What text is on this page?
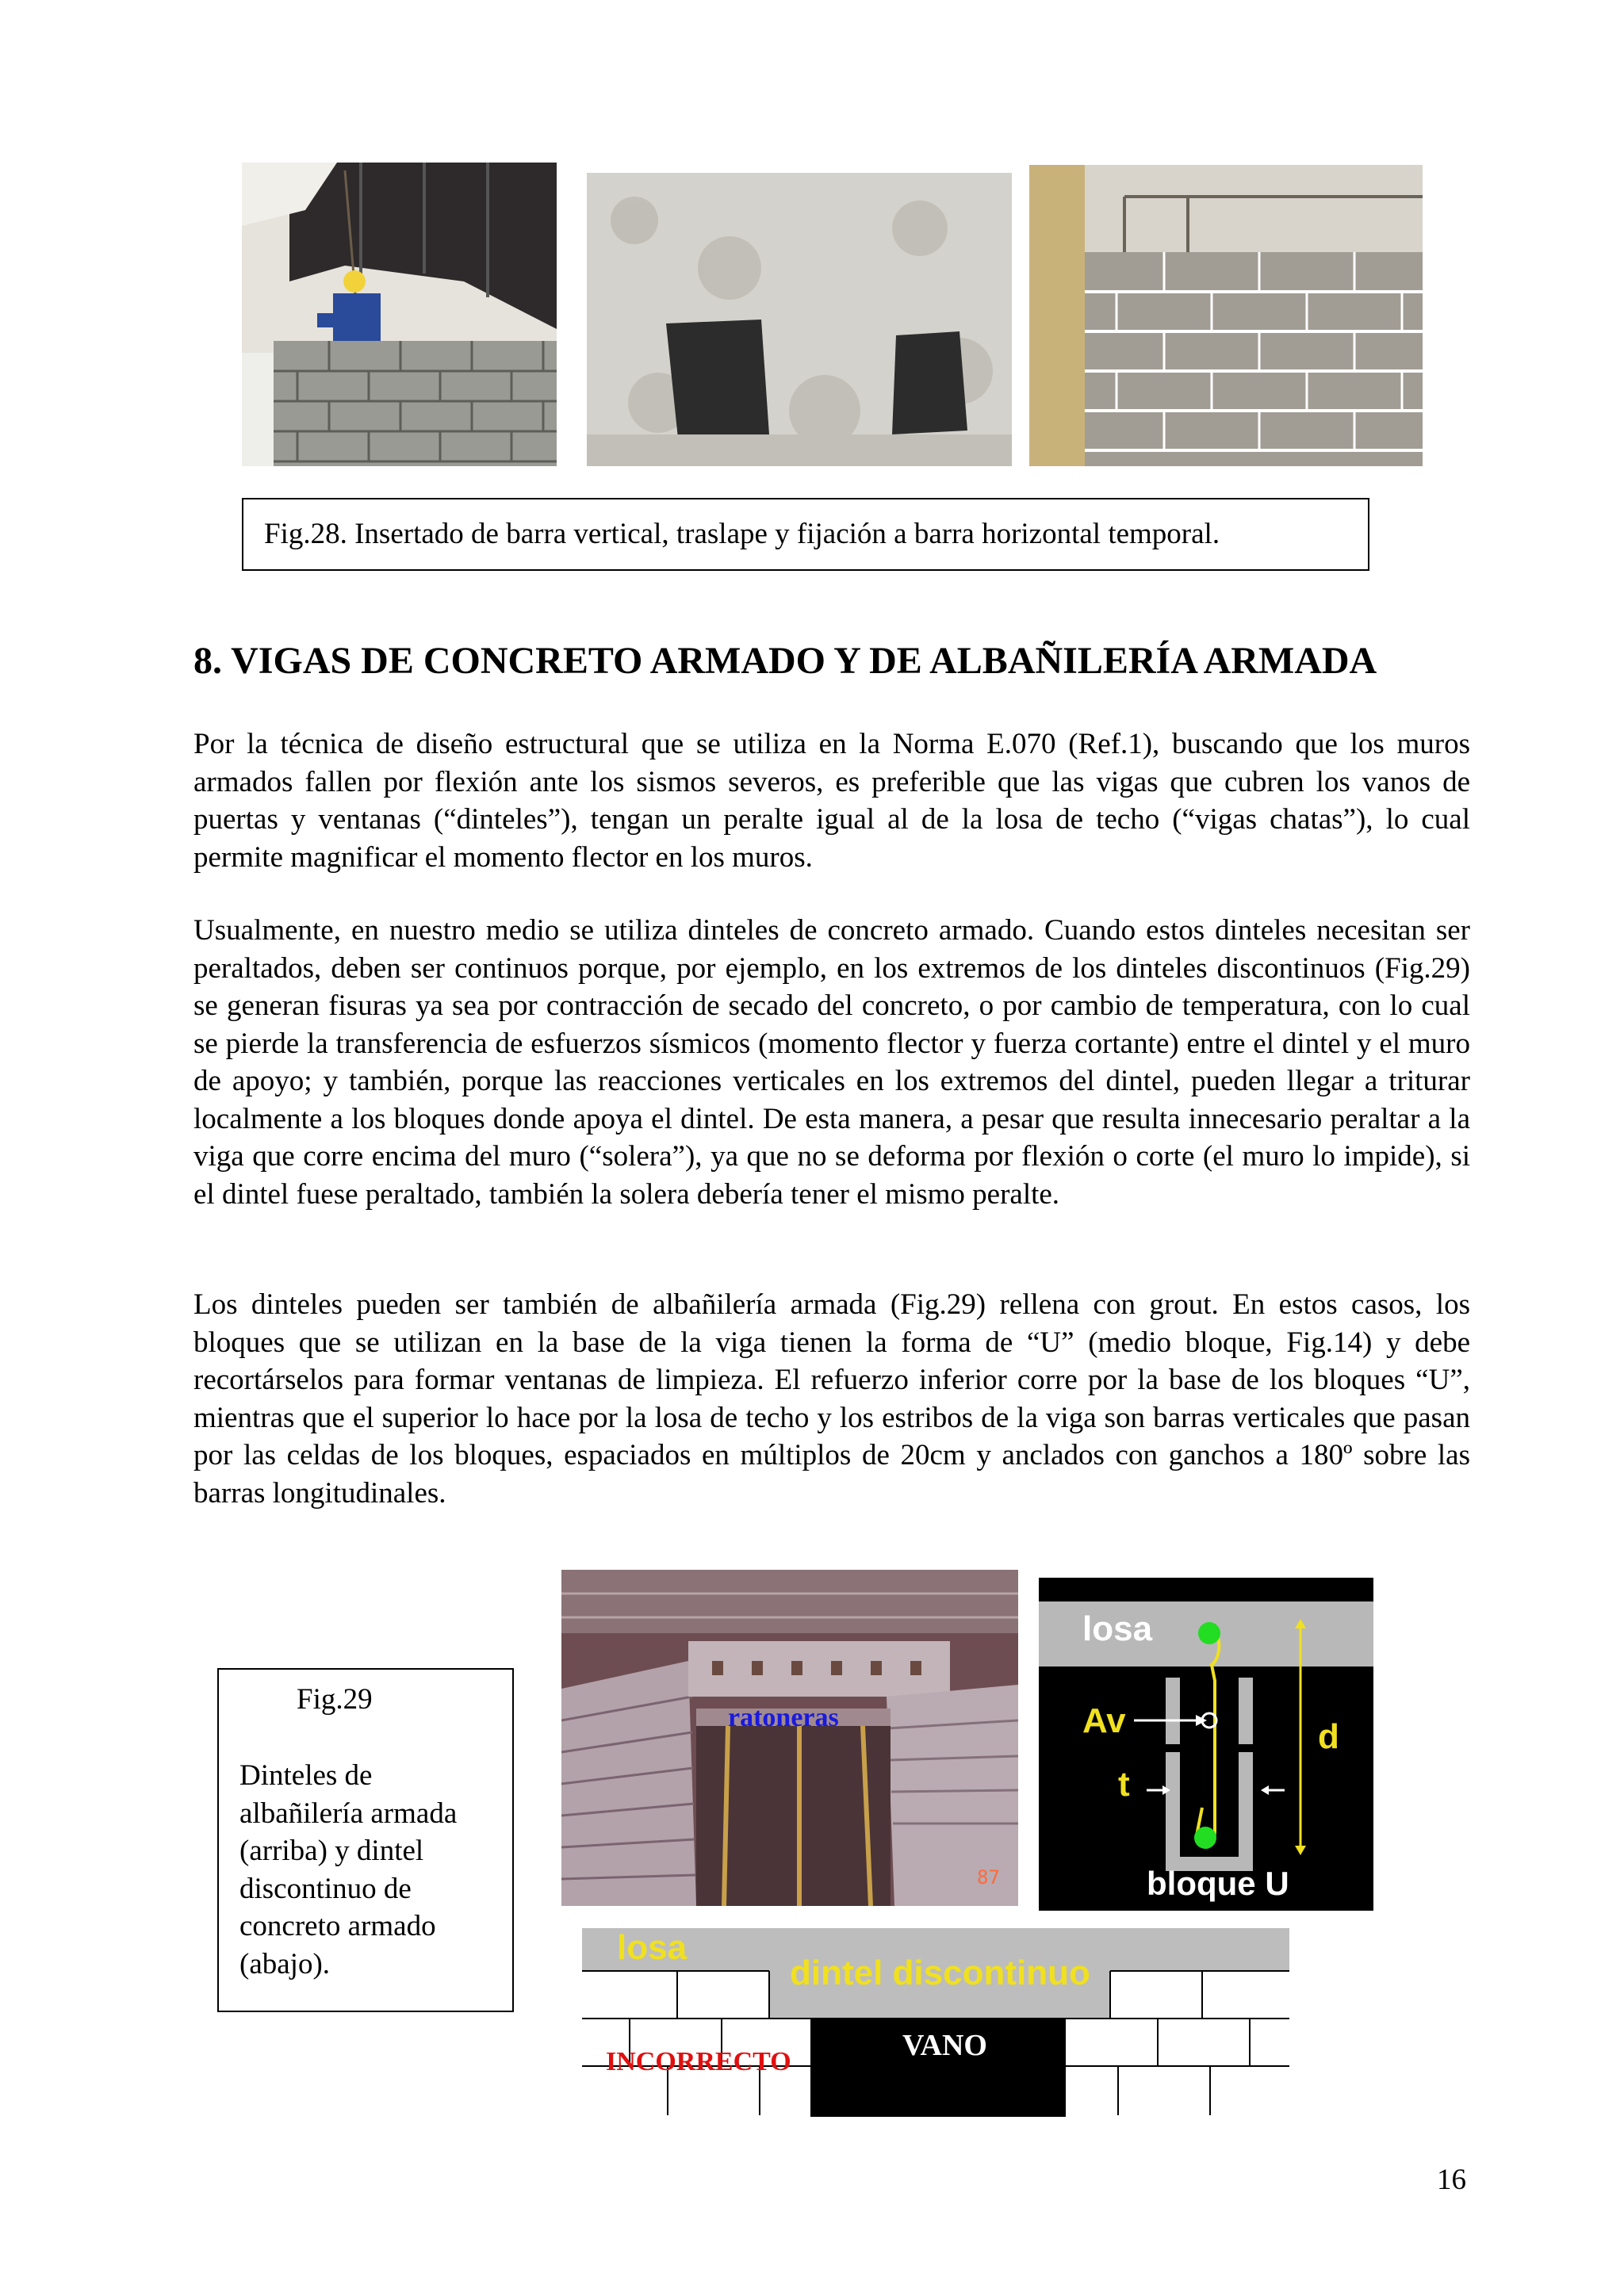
Fig.28. Insertado de barra vertical, traslape y fijación a barra horizontal temporal.
8. VIGAS DE CONCRETO ARMADO Y DE ALBAÑILERÍA ARMADA

Por la técnica de diseño estructural que se utiliza en la Norma E.070 (Ref.1), buscando que los muros armados fallen por flexión ante los sismos severos, es preferible que las vigas que cubren los vanos de puertas y ventanas (“dinteles”), tengan un peralte igual al de la losa de techo (“vigas chatas”), lo cual permite magnificar el momento flector en los muros.

Usualmente, en nuestro medio se utiliza dinteles de concreto armado. Cuando estos dinteles necesitan ser peraltados, deben ser continuos porque, por ejemplo, en los extremos de los dinteles discontinuos (Fig.29) se generan fisuras ya sea por contracción de secado del concreto, o por cambio de temperatura, con lo cual se pierde la transferencia de esfuerzos sísmicos (momento flector y fuerza cortante) entre el dintel y el muro de apoyo; y también, porque las reacciones verticales en los extremos del dintel, pueden llegar a triturar localmente a los bloques donde apoya el dintel. De esta manera, a pesar que resulta innecesario peraltar a la viga que corre encima del muro (“solera”), ya que no se deforma por flexión o corte (el muro lo impide), si el dintel fuese peraltado, también la solera debería tener el mismo peralte.

Los dinteles pueden ser también de albañilería armada (Fig.29) rellena con grout. En estos casos, los bloques que se utilizan en la base de la viga tienen la forma de “U” (medio bloque, Fig.14) y debe recortárselos para formar ventanas de limpieza. El refuerzo inferior corre por la base de los bloques “U”, mientras que el superior lo hace por la losa de techo y los estribos de la viga son barras verticales que pasan por las celdas de los bloques, espaciados en múltiplos de 20cm y anclados con ganchos a 180º sobre las barras longitudinales.

Fig.29
Dinteles de albañilería armada (arriba) y dintel discontinuo de concreto armado (abajo).
ratoneras
87
losa
Av
t
d
bloque U
losa
dintel discontinuo
INCORRECTO	VANO
16
